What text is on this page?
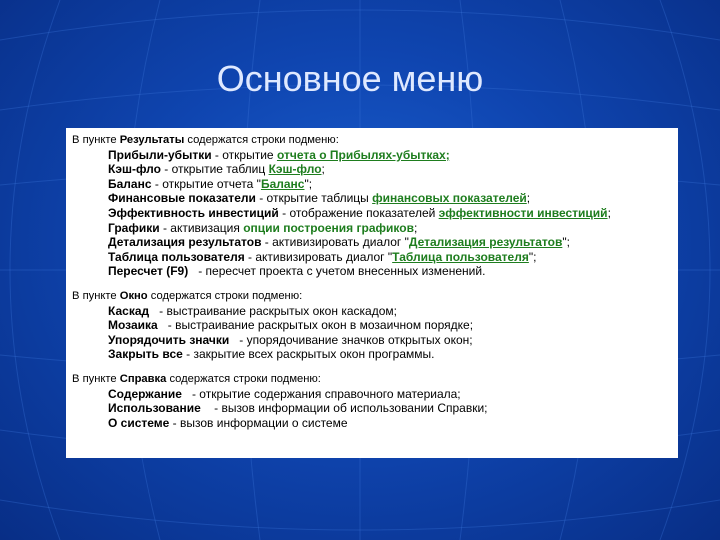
Основное меню
В пункте Результаты содержатся строки подменю:
Прибыли-убытки - открытие отчета о Прибылях-убытках;
Кэш-фло - открытие таблиц Кэш-фло;
Баланс - открытие отчета "Баланс";
Финансовые показатели - открытие таблицы финансовых показателей;
Эффективность инвестиций - отображение показателей эффективности инвестиций;
Графики - активизация опции построения графиков;
Детализация результатов - активизировать диалог "Детализация результатов";
Таблица пользователя - активизировать диалог "Таблица пользователя";
Пересчет (F9)   - пересчет проекта с учетом внесенных изменений.
В пункте Окно содержатся строки подменю:
Каскад   - выстраивание раскрытых окон каскадом;
Мозаика   - выстраивание раскрытых окон в мозаичном порядке;
Упорядочить значки   - упорядочивание значков открытых окон;
Закрыть все - закрытие всех раскрытых окон программы.
В пункте Справка содержатся строки подменю:
Содержание   - открытие содержания справочного материала;
Использование    - вызов информации об использовании Справки;
О системе - вызов информации о системе
